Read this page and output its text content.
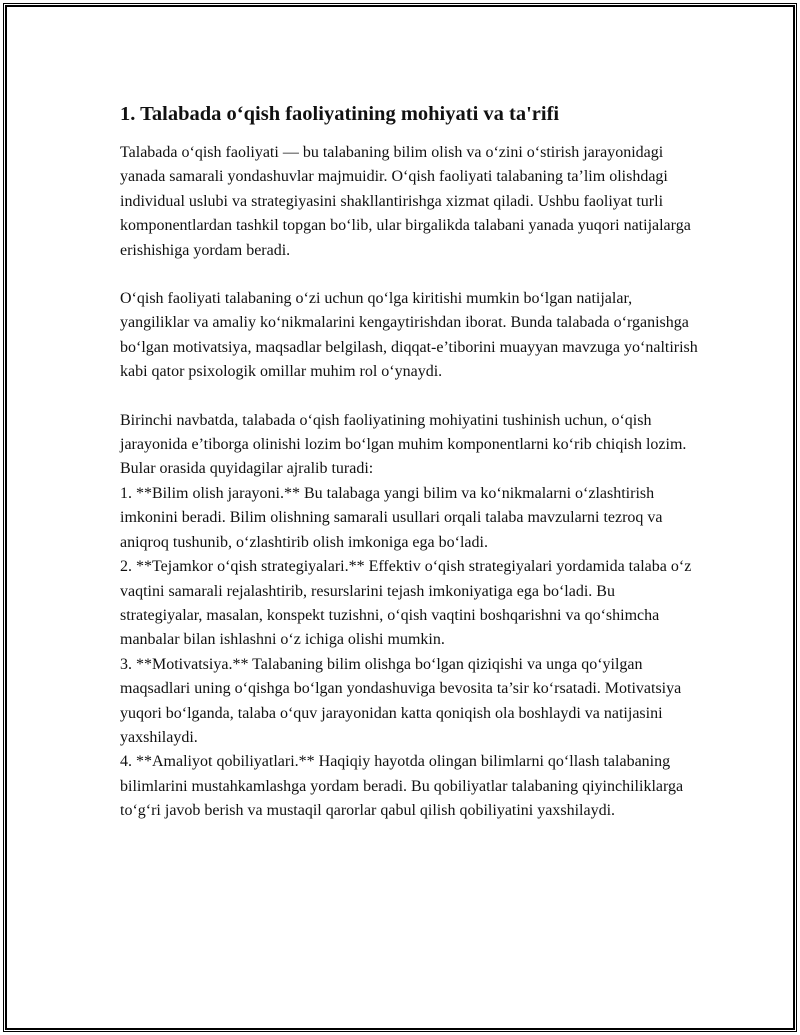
1. Talabada o‘qish faoliyatining mohiyati va ta'rifi

Talabada o‘qish faoliyati — bu talabaning bilim olish va o‘zini o‘stirish jarayonidagi yanada samarali yondashuvlar majmuidir. O‘qish faoliyati talabaning ta’lim olishdagi individual uslubi va strategiyasini shakllantirishga xizmat qiladi. Ushbu faoliyat turli komponentlardan tashkil topgan bo‘lib, ular birgalikda talabani yanada yuqori natijalarga erishishiga yordam beradi.

O‘qish faoliyati talabaning o‘zi uchun qo‘lga kiritishi mumkin bo‘lgan natijalar, yangiliklar va amaliy ko‘nikmalarini kengaytirishdan iborat. Bunda talabada o‘rganishga bo‘lgan motivatsiya, maqsadlar belgilash, diqqat-e’tiborini muayyan mavzuga yo‘naltirish kabi qator psixologik omillar muhim rol o‘ynaydi.

Birinchi navbatda, talabada o‘qish faoliyatining mohiyatini tushinish uchun, o‘qish jarayonida e’tiborga olinishi lozim bo‘lgan muhim komponentlarni ko‘rib chiqish lozim. Bular orasida quyidagilar ajralib turadi:

1. **Bilim olish jarayoni.** Bu talabaga yangi bilim va ko‘nikmalarni o‘zlashtirish imkonini beradi. Bilim olishning samarali usullari orqali talaba mavzularni tezroq va aniqroq tushunib, o‘zlashtirib olish imkoniga ega bo‘ladi.

2. **Tejamkor o‘qish strategiyalari.** Effektiv o‘qish strategiyalari yordamida talaba o‘z vaqtini samarali rejalashtirib, resurslarini tejash imkoniyatiga ega bo‘ladi. Bu strategiyalar, masalan, konspekt tuzishni, o‘qish vaqtini boshqarishni va qo‘shimcha manbalar bilan ishlashni o‘z ichiga olishi mumkin.

3. **Motivatsiya.** Talabaning bilim olishga bo‘lgan qiziqishi va unga qo‘yilgan maqsadlari uning o‘qishga bo‘lgan yondashuviga bevosita ta’sir ko‘rsatadi. Motivatsiya yuqori bo‘lganda, talaba o‘quv jarayonidan katta qoniqish ola boshlaydi va natijasini yaxshilaydi.

4. **Amaliyot qobiliyatlari.** Haqiqiy hayotda olingan bilimlarni qo‘llash talabaning bilimlarini mustahkamlashga yordam beradi. Bu qobiliyatlar talabaning qiyinchiliklarga to‘g‘ri javob berish va mustaqil qarorlar qabul qilish qobiliyatini yaxshilaydi.
